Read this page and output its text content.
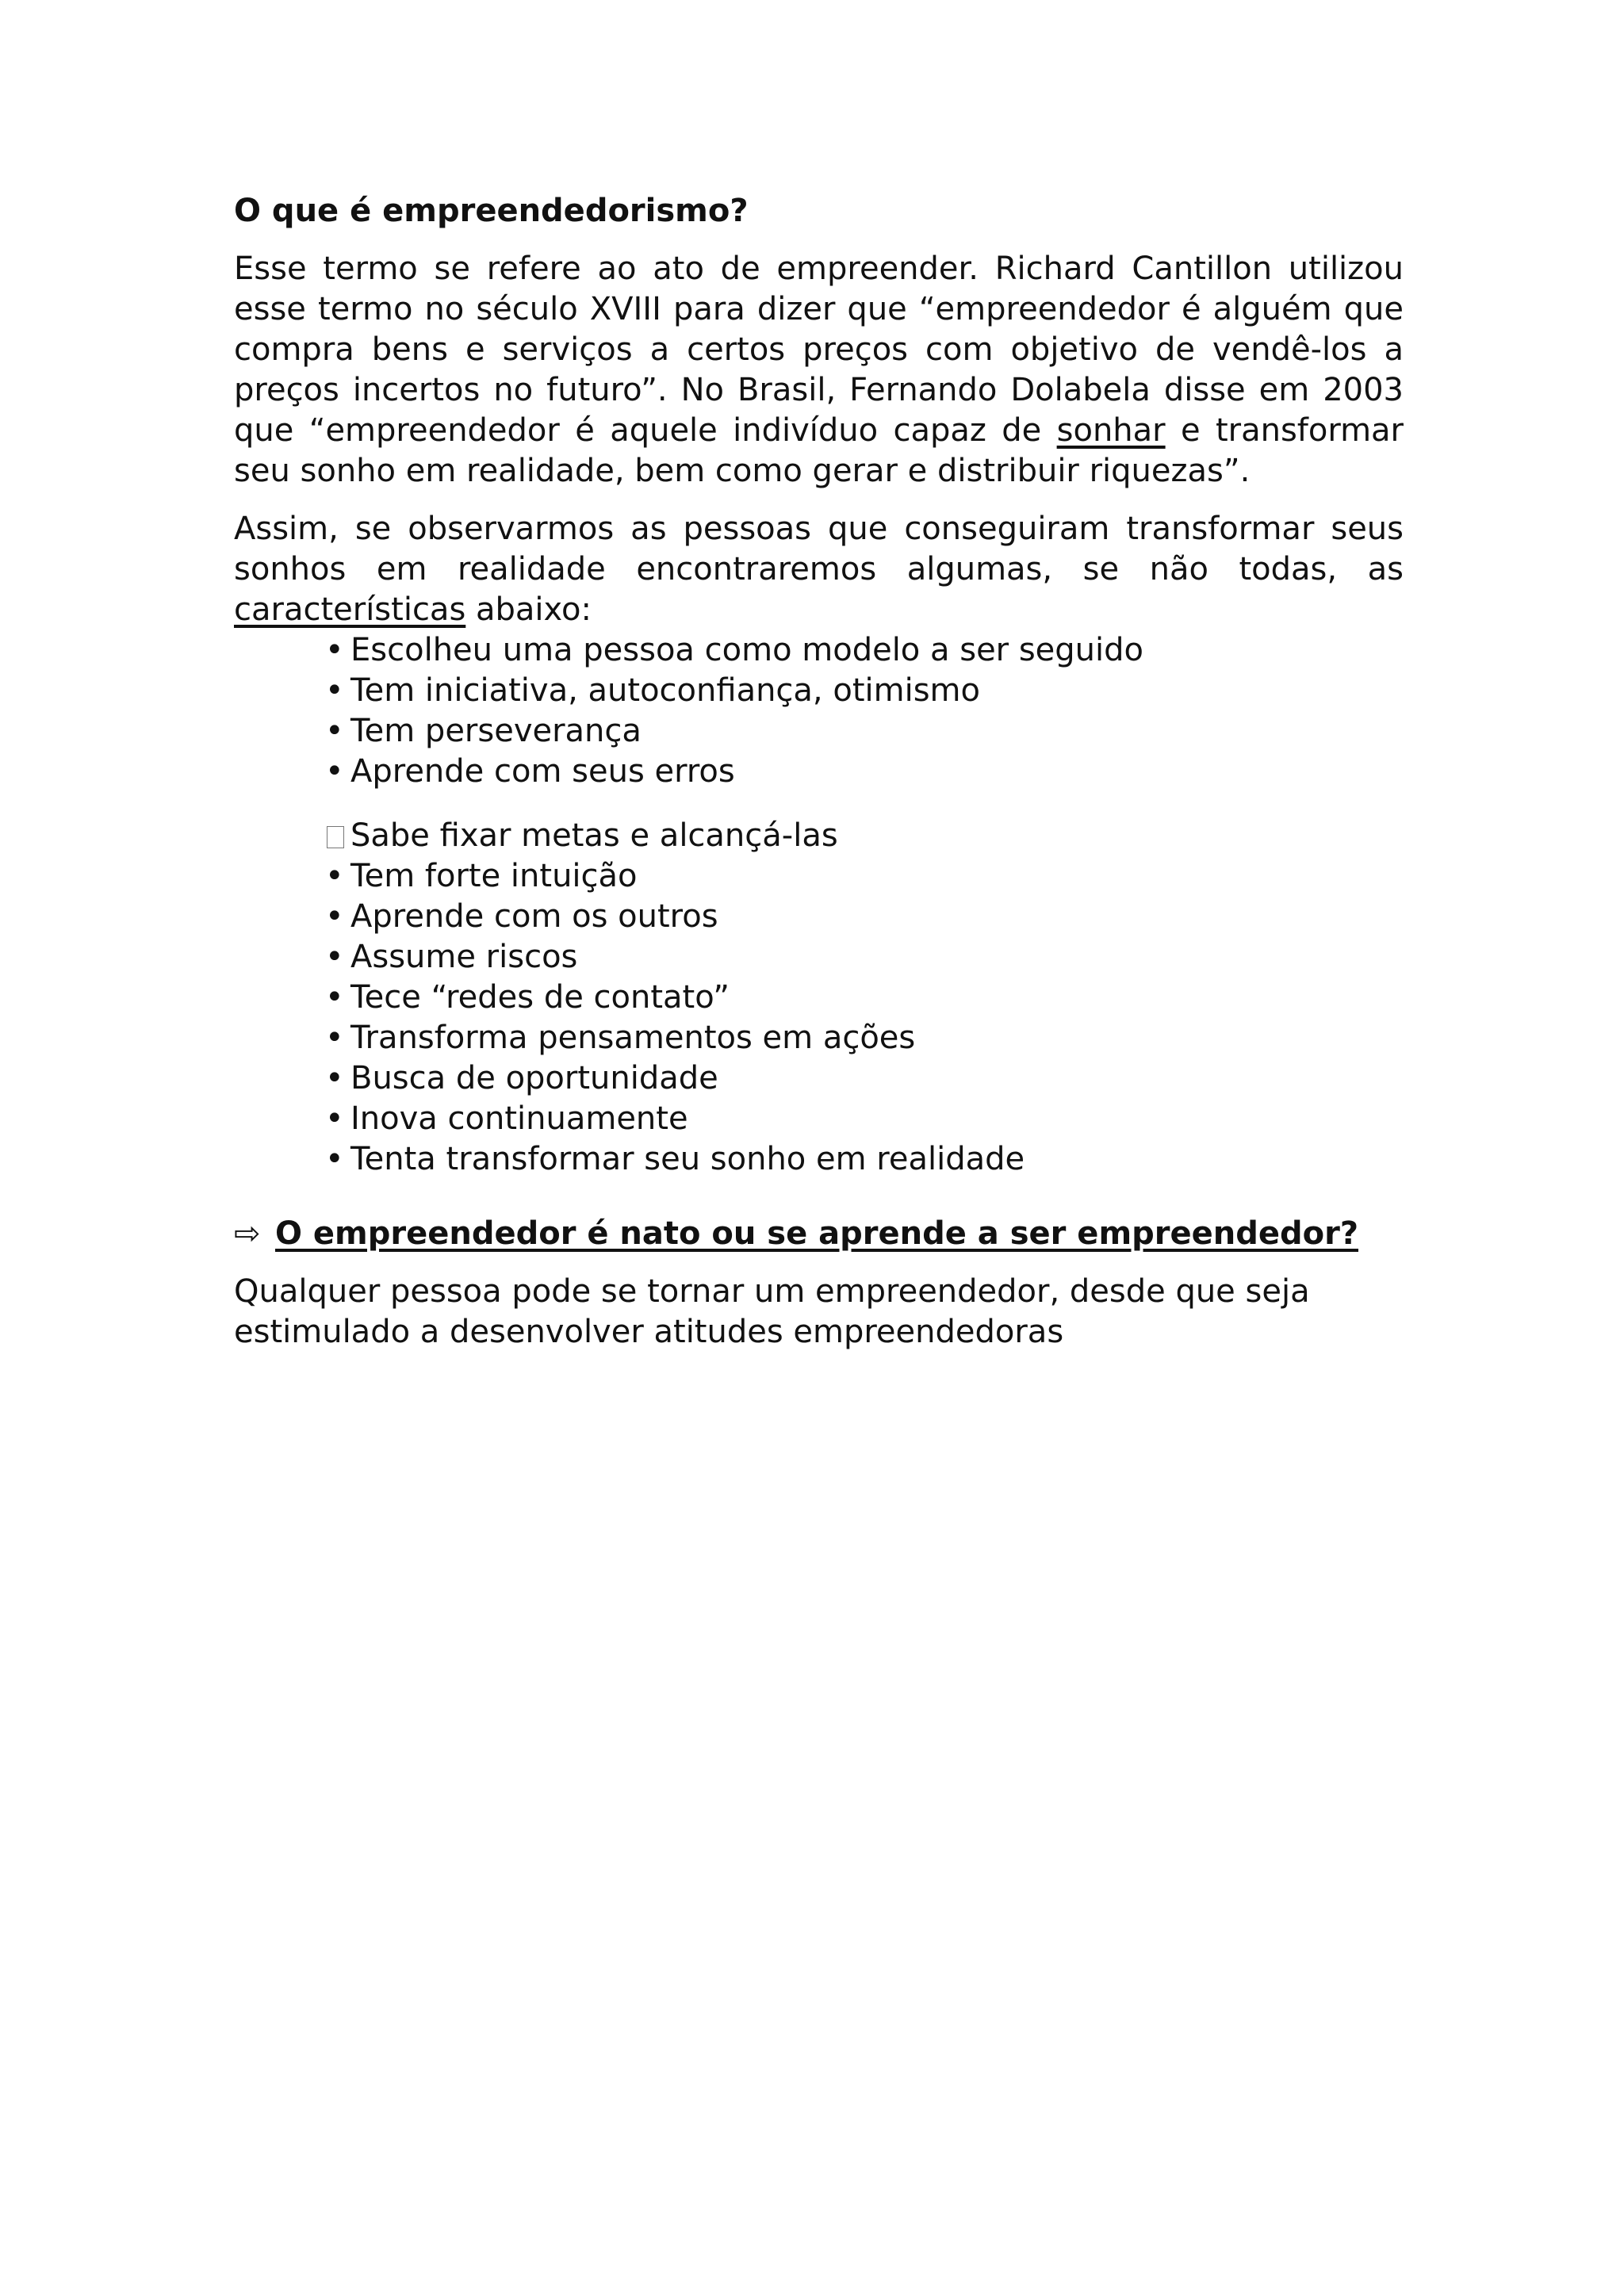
O que é empreendedorismo?

Esse termo se refere ao ato de empreender. Richard Cantillon utilizou esse termo no século XVIII para dizer que “empreendedor é alguém que compra bens e serviços a certos preços com objetivo de vendê-los a preços incertos no futuro”. No Brasil, Fernando Dolabela disse em 2003 que “empreendedor é aquele indivíduo capaz de sonhar e transformar seu sonho em realidade, bem como gerar e distribuir riquezas”.

Assim, se observarmos as pessoas que conseguiram transformar seus sonhos em realidade encontraremos algumas, se não todas, as características abaixo:

• Escolheu uma pessoa como modelo a ser seguido
• Tem iniciativa, autoconfiança, otimismo
• Tem perseverança
• Aprende com seus erros
Sabe fixar metas e alcançá-las
• Tem forte intuição
• Aprende com os outros
• Assume riscos
• Tece “redes de contato”
• Transforma pensamentos em ações
• Busca de oportunidade
• Inova continuamente
• Tenta transformar seu sonho em realidade
⇨ O empreendedor é nato ou se aprende a ser empreendedor?

Qualquer pessoa pode se tornar um empreendedor, desde que seja estimulado a desenvolver atitudes empreendedoras
